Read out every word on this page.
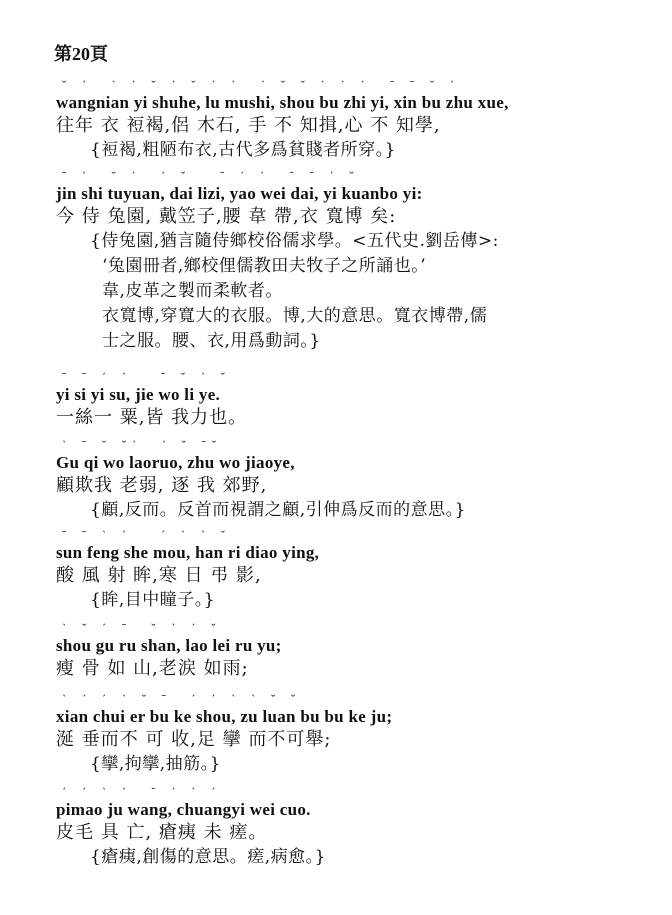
第20頁
ˇ ˊ  ˋ ˊ ˇ ˊ ˇ ˊ ˋ  ˊ ˇ ˇ ˋ ˊ ˊ  ˉ ˉ ˇ ˊ
wangnian yi shuhe, lu mushi, shou bu zhi yi, xin bu zhu xue,
往年 衣 裋褐,侶 木石, 手 不 知揖,心 不 知學,
{裋褐,粗陋布衣,古代多爲貧賤者所穿。}
ˉ ˋ  ˇ ˊ  ˋ ˇ   ˉ ˊ ˋ  ˉ ˉ ˊ ˇ
jin shi tuyuan, dai lizi, yao wei dai, yi kuanbo yi:
今 侍 兔園, 戴笠子,腰 韋 帶,衣 寬博 矣:
{侍兔園,猶言隨侍鄉校俗儒求學。<五代史.劉岳傳>:
‘兔園冊者,鄉校俚儒教田夫牧子之所誦也。’
韋,皮革之製而柔軟者。
衣寬博,穿寬大的衣服。博,大的意思。寬衣博帶,儒
士之服。腰、衣,用爲動詞。}
ˉ ˉ ˊ ˋ   ˉ ˇ ˋ ˇ
yi si yi su, jie wo li ye.
一絲一 粟,皆 我力也。
ˋ ˉ ˇ ˇˋ  ˊ ˇ ˉˇ
Gu qi wo laoruo, zhu wo jiaoye,
顧欺我 老弱, 逐 我 郊野,
{顧,反而。反首而視謂之顧,引伸爲反而的意思。}
ˉ ˉ ˋ ˊ   ˊ ˋ ˋ ˇ
sun feng she mou, han ri diao ying,
酸 風 射 眸,寒 日 弔 影,
{眸,目中瞳子。}
ˋ ˇ ˊ ˉ  ˇ ˋ ˊ ˇ
shou gu ru shan, lao lei ru yu;
瘦 骨 如 山,老涙 如雨;
ˋ ˊ ˊ ˋ ˇ ˉ  ˊ ˊ ˋ ˋ ˇ ˇ
xian chui er bu ke shou, zu luan bu bu ke ju;
涎 垂而不 可 收,足 攣 而不可舉;
{攣,拘攣,抽筋。}
ˊ ˊ ˋ ˊ  ˉ ˊ ˋ ˊ
pimao ju wang, chuangyi wei cuo.
皮毛 具 亡, 瘡痍 未 瘥。
{瘡痍,創傷的意思。瘥,病愈。}
